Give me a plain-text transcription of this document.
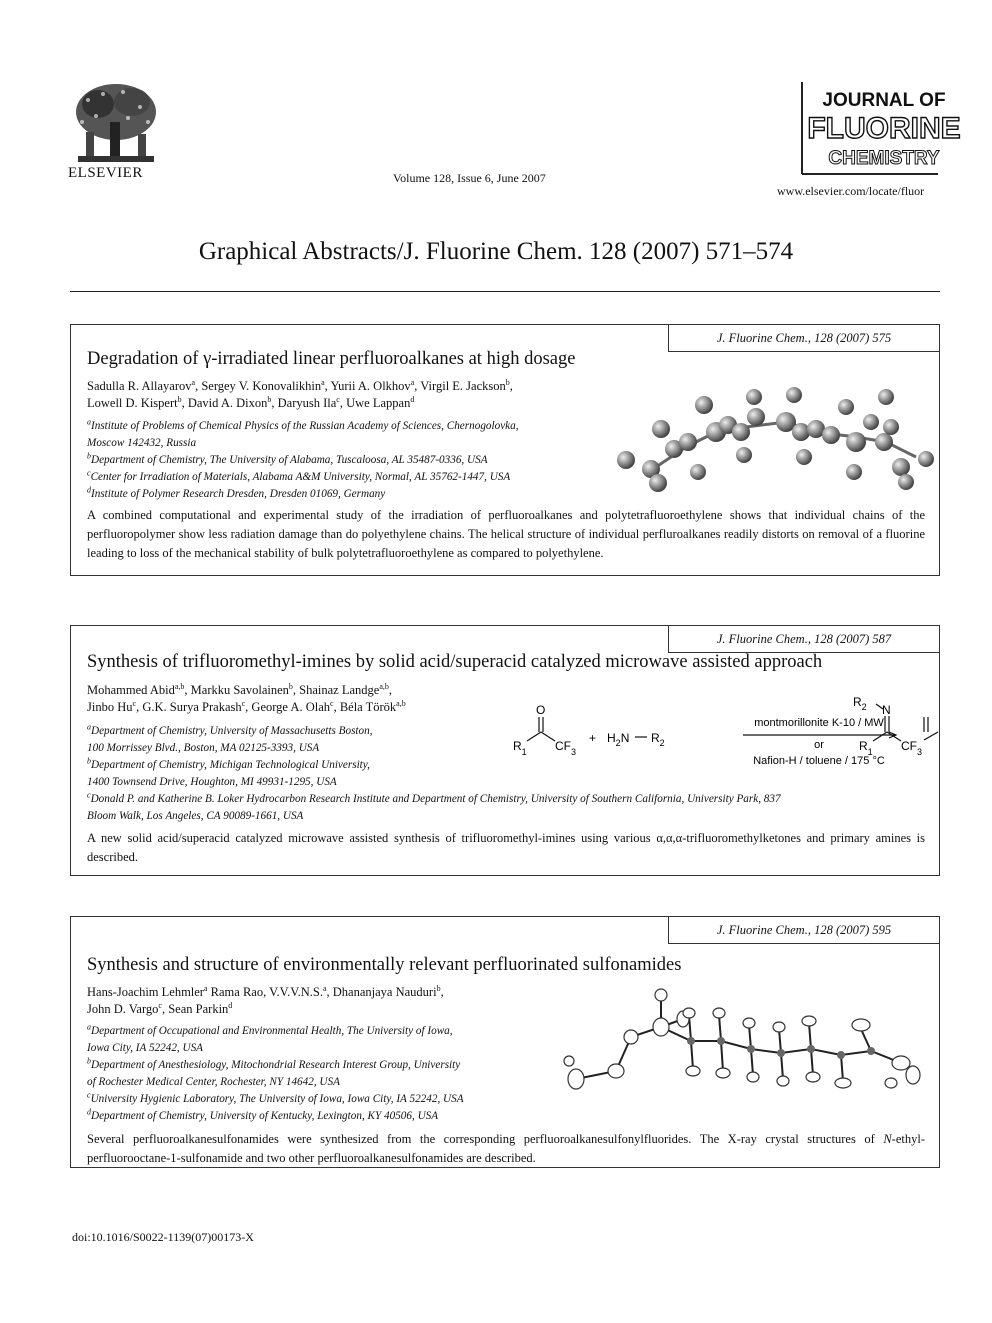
ELSEVIER	Volume 128, Issue 6, June 2007
JOURNAL OF
FLUORINE
CHEMISTRY
www.elsevier.com/locate/fluor
Graphical Abstracts/J. Fluorine Chem. 128 (2007) 571–574
J. Fluorine Chem., 128 (2007) 575
Degradation of γ-irradiated linear perfluoroalkanes at high dosage
Sadulla R. Allayarov$^a$, Sergey V. Konovalikhin$^a$, Yurii A. Olkhov$^a$, Virgil E. Jackson$^b$,
Lowell D. Kispert$^b$, David A. Dixon$^b$, Daryush Ila$^c$, Uwe Lappan$^d$
$^a$Institute of Problems of Chemical Physics of the Russian Academy of Sciences, Chernogolovka,
Moscow 142432, Russia
$^b$Department of Chemistry, The University of Alabama, Tuscaloosa, AL 35487-0336, USA
$^c$Center for Irradiation of Materials, Alabama A&M University, Normal, AL 35762-1447, USA
$^d$Institute of Polymer Research Dresden, Dresden 01069, Germany
A combined computational and experimental study of the irradiation of perfluoroalkanes and polytetrafluoroethylene shows that individual chains of the perfluoropolymer show less radiation damage than do polyethylene chains. The helical structure of individual perfluroalkanes readily distorts on removal of a fluorine leading to loss of the mechanical stability of bulk polytetrafluoroethylene as compared to polyethylene.
J. Fluorine Chem., 128 (2007) 587
Synthesis of trifluoromethyl-imines by solid acid/superacid catalyzed microwave assisted approach
Mohammed Abid$^{a,b}$, Markku Savolainen$^b$, Shainaz Landge$^{a,b}$,
Jinbo Hu$^c$, G.K. Surya Prakash$^c$, George A. Olah$^c$, Béla Török$^{a,b}$
$^a$Department of Chemistry, University of Massachusetts Boston,
100 Morrissey Blvd., Boston, MA 02125-3393, USA
$^b$Department of Chemistry, Michigan Technological University,
1400 Townsend Drive, Houghton, MI 49931-1295, USA
$^c$Donald P. and Katherine B. Loker Hydrocarbon Research Institute and Department of Chemistry, University of Southern California, University Park, 837
Bloom Walk, Los Angeles, CA 90089-1661, USA
O
$R_1$ $CF_3$
+ $H_2N$ $R_2$
montmorillonite K-10 / MW
or
Nafion-H / toluene / 175 °C
$R_2$ N
$R_1$ $CF_3$
A new solid acid/superacid catalyzed microwave assisted synthesis of trifluoromethyl-imines using various α,α,α-trifluoromethylketones and primary amines is described.
J. Fluorine Chem., 128 (2007) 595
Synthesis and structure of environmentally relevant perfluorinated sulfonamides
Hans-Joachim Lehmler$^a$ Rama Rao, V.V.V.N.S.$^a$, Dhananjaya Nauduri$^b$,
John D. Vargo$^c$, Sean Parkin$^d$
$^a$Department of Occupational and Environmental Health, The University of Iowa,
Iowa City, IA 52242, USA
$^b$Department of Anesthesiology, Mitochondrial Research Interest Group, University
of Rochester Medical Center, Rochester, NY 14642, USA
$^c$University Hygienic Laboratory, The University of Iowa, Iowa City, IA 52242, USA
$^d$Department of Chemistry, University of Kentucky, Lexington, KY 40506, USA
Several perfluoroalkanesulfonamides were synthesized from the corresponding perfluoroalkanesulfonylfluorides. The X-ray crystal structures of N-ethyl-perfluorooctane-1-sulfonamide and two other perfluoroalkanesulfonamides are described.
doi:10.1016/S0022-1139(07)00173-X
